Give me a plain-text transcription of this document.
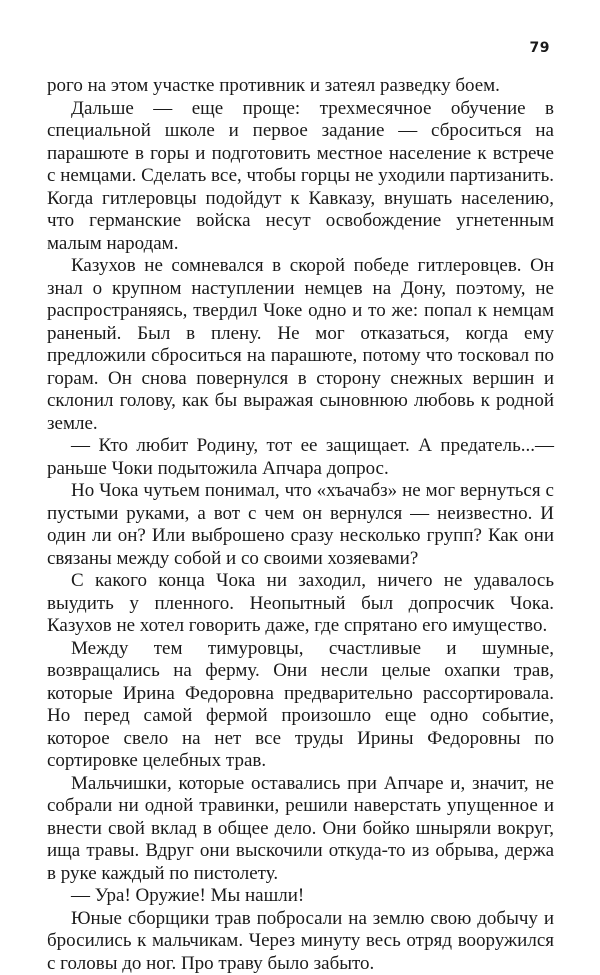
79

рого на этом участке противник и затеял разведку боем.

Дальше — еще проще: трехмесячное обучение в специальной школе и первое задание — сброситься на парашюте в горы и подготовить местное население к встрече с немцами. Сделать все, чтобы горцы не уходили партизанить. Когда гитлеровцы подойдут к Кавказу, внушать населению, что германские войска несут освобождение угнетенным малым народам.

Казухов не сомневался в скорой победе гитлеровцев. Он знал о крупном наступлении немцев на Дону, поэтому, не распространяясь, твердил Чоке одно и то же: попал к немцам раненый. Был в плену. Не мог отказаться, когда ему предложили сброситься на парашюте, потому что тосковал по горам. Он снова повернулся в сторону снежных вершин и склонил голову, как бы выражая сыновнюю любовь к родной земле.

— Кто любит Родину, тот ее защищает. А предатель...— раньше Чоки подытожила Апчара допрос.

Но Чока чутьем понимал, что «хъачабз» не мог вернуться с пустыми руками, а вот с чем он вернулся — неизвестно. И один ли он? Или выброшено сразу несколько групп? Как они связаны между собой и со своими хозяевами?

С какого конца Чока ни заходил, ничего не удавалось выудить у пленного. Неопытный был допросчик Чока. Казухов не хотел говорить даже, где спрятано его имущество.

Между тем тимуровцы, счастливые и шумные, возвращались на ферму. Они несли целые охапки трав, которые Ирина Федоровна предварительно рассортировала. Но перед самой фермой произошло еще одно событие, которое свело на нет все труды Ирины Федоровны по сортировке целебных трав.

Мальчишки, которые оставались при Апчаре и, значит, не собрали ни одной травинки, решили наверстать упущенное и внести свой вклад в общее дело. Они бойко шныряли вокруг, ища травы. Вдруг они выскочили откуда-то из обрыва, держа в руке каждый по пистолету.

— Ура! Оружие! Мы нашли!

Юные сборщики трав побросали на землю свою добычу и бросились к мальчикам. Через минуту весь отряд вооружился с головы до ног. Про траву было забыто.
